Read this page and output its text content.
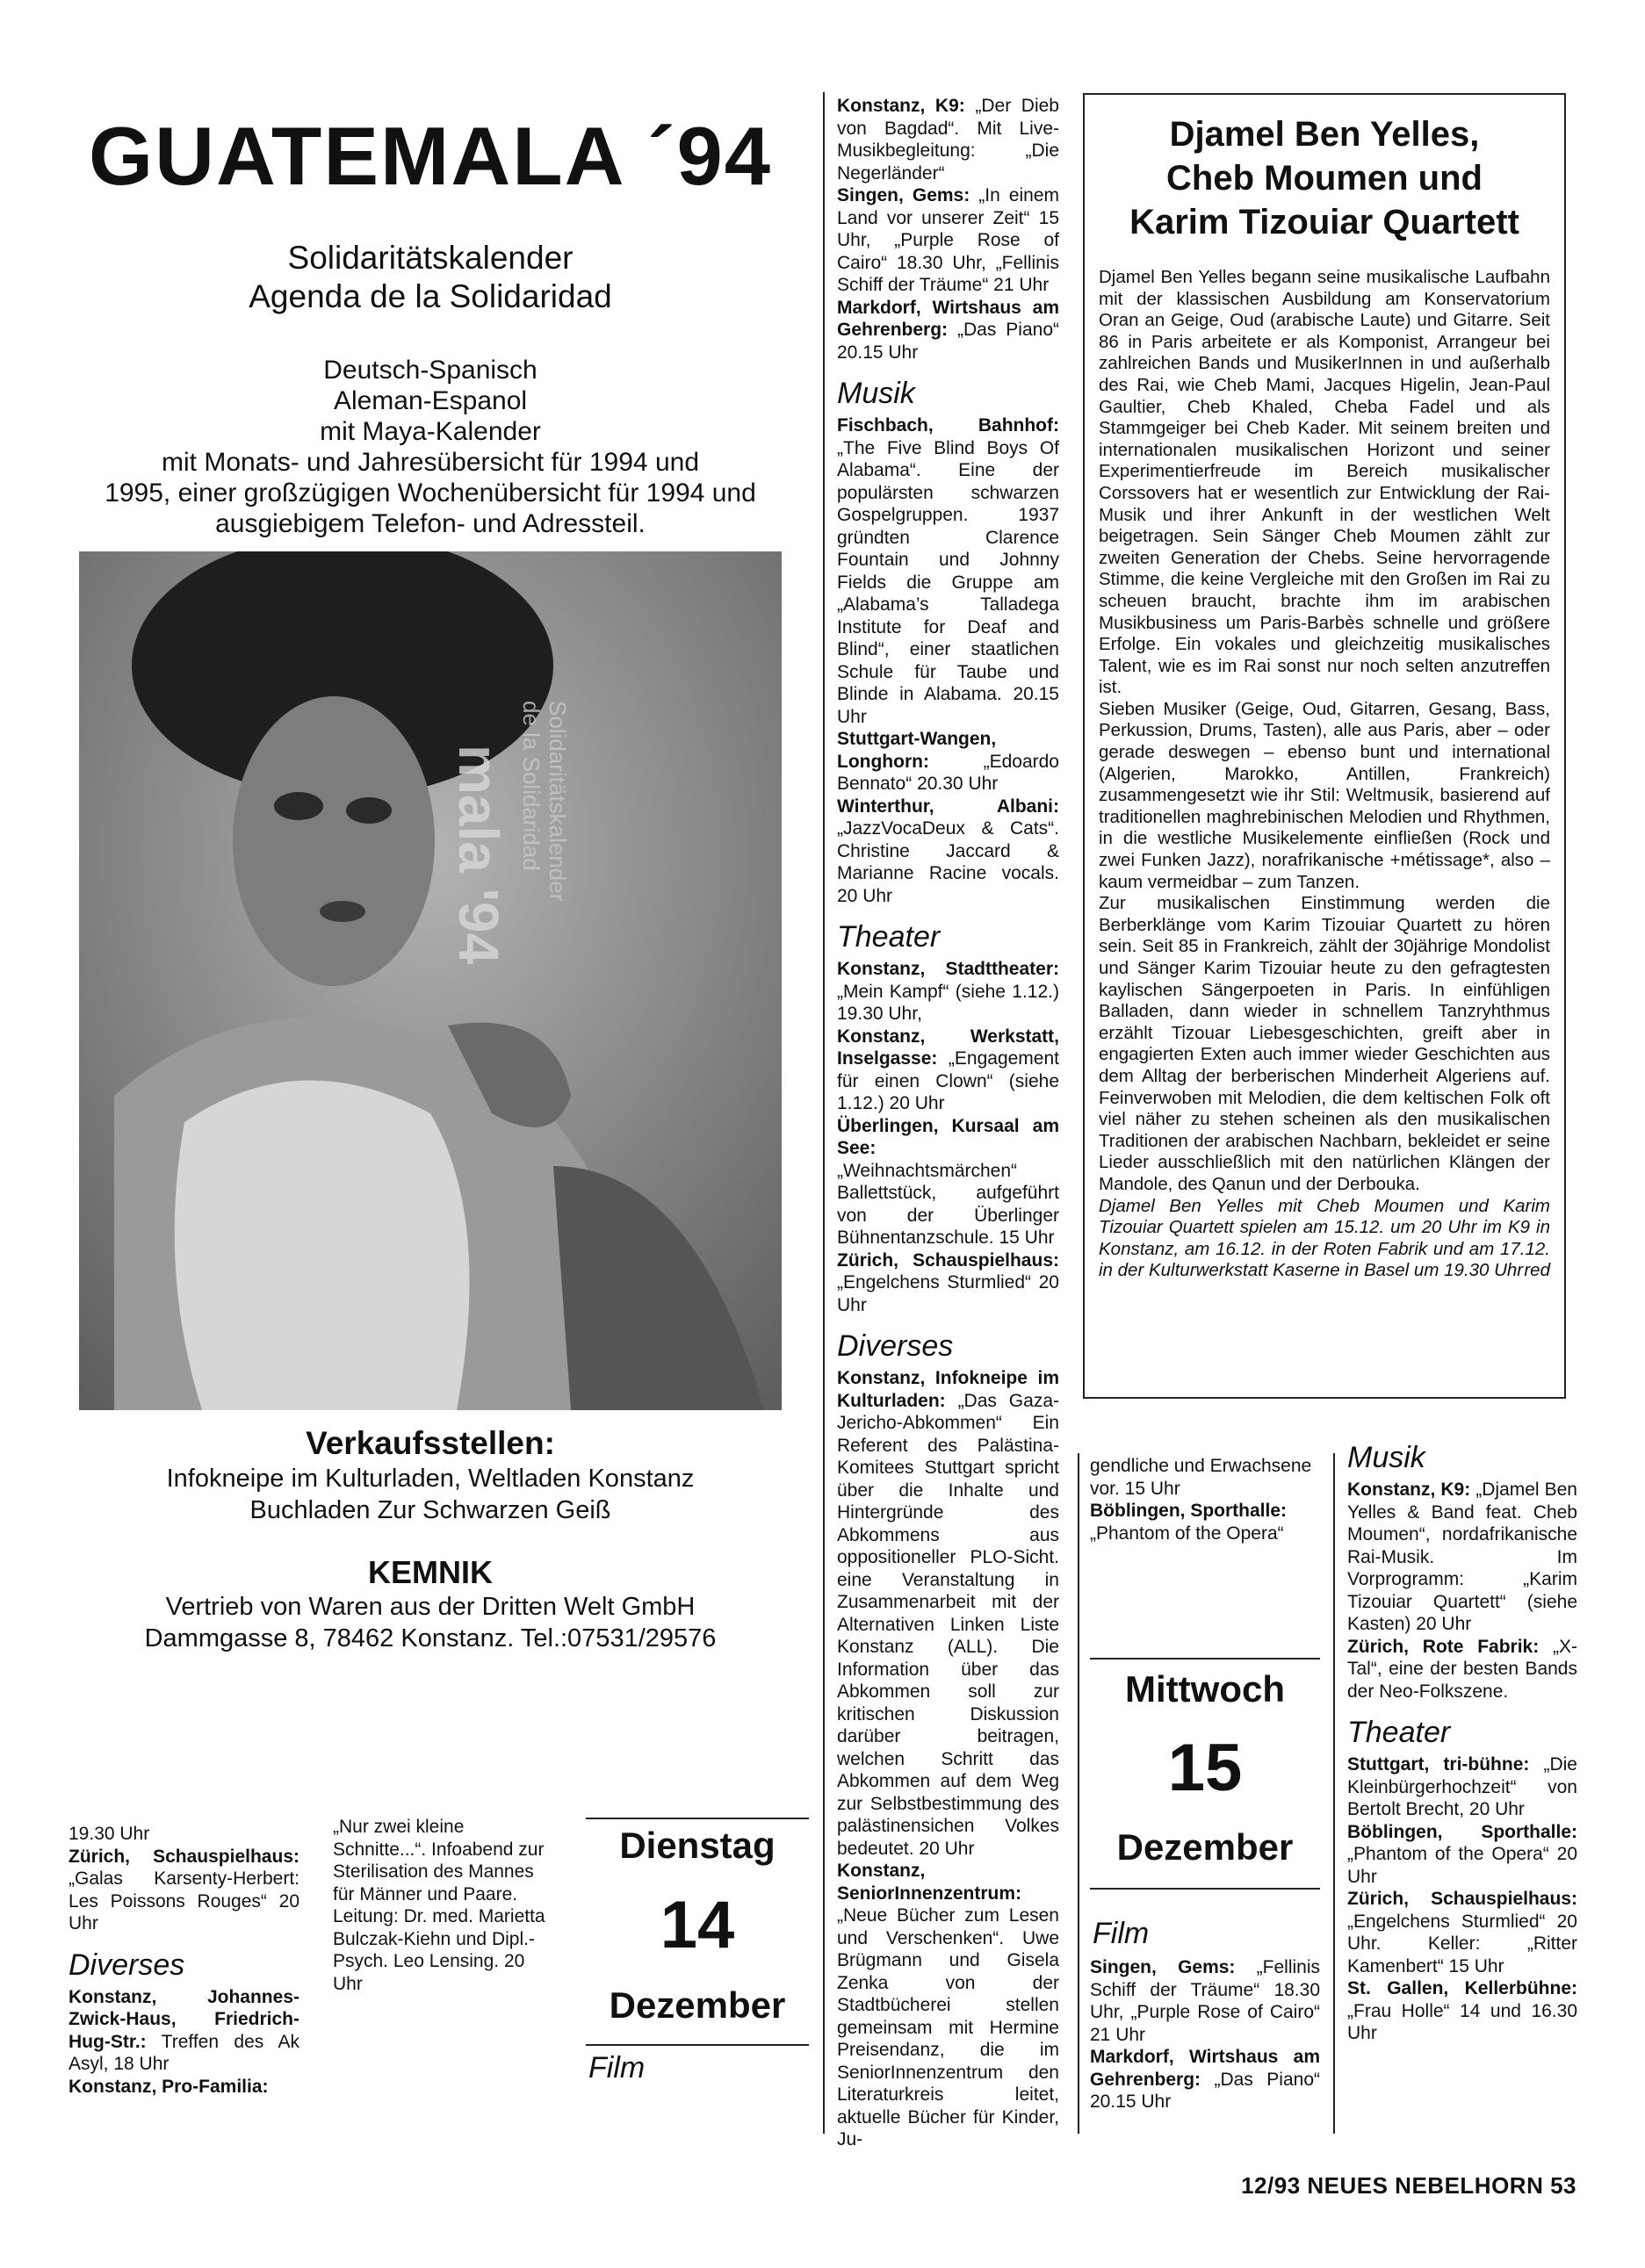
GUATEMALA ´94
Solidaritätskalender
Agenda de la Solidaridad
Deutsch-Spanisch
Aleman-Espanol
mit Maya-Kalender
mit Monats- und Jahresübersicht für 1994 und
1995, einer großzügigen Wochenübersicht für 1994 und
ausgiebigem Telefon- und Adressteil.
mala '94 Solidaritätskalender
de la Solidaridad
Verkaufsstellen:
Infokneipe im Kulturladen, Weltladen Konstanz
Buchladen Zur Schwarzen Geiß
KEMNIK
Vertrieb von Waren aus der Dritten Welt GmbH
Dammgasse 8, 78462 Konstanz. Tel.:07531/29576

Konstanz, K9: „Der Dieb von Bagdad“. Mit Live-Musikbegleitung: „Die Negerländer“

Singen, Gems: „In einem Land vor unserer Zeit“ 15 Uhr, „Purple Rose of Cairo“ 18.30 Uhr, „Fellinis Schiff der Träume“ 21 Uhr

Markdorf, Wirtshaus am Gehrenberg: „Das Piano“ 20.15 Uhr

Musik

Fischbach, Bahnhof: „The Five Blind Boys Of Alabama“. Eine der populärsten schwarzen Gospelgruppen. 1937 gründten Clarence Fountain und Johnny Fields die Gruppe am „Alabama’s Talladega Institute for Deaf and Blind“, einer staatlichen Schule für Taube und Blinde in Alabama. 20.15 Uhr

Stuttgart-Wangen, Longhorn: „Edoardo Bennato“ 20.30 Uhr

Winterthur, Albani: „JazzVocaDeux & Cats“. Christine Jaccard & Marianne Racine vocals. 20 Uhr

Theater

Konstanz, Stadttheater: „Mein Kampf“ (siehe 1.12.) 19.30 Uhr,

Konstanz, Werkstatt, Inselgasse: „Engagement für einen Clown“ (siehe 1.12.) 20 Uhr

Überlingen, Kursaal am See: „Weihnachtsmärchen“ Ballettstück, aufgeführt von der Überlinger Bühnentanzschule. 15 Uhr

Zürich, Schauspielhaus: „Engelchens Sturmlied“ 20 Uhr

Diverses

Konstanz, Infokneipe im Kulturladen: „Das Gaza-Jericho-Abkommen“ Ein Referent des Palästina-Komitees Stuttgart spricht über die Inhalte und Hintergründe des Abkommens aus oppositioneller PLO-Sicht. eine Veranstaltung in Zusammenarbeit mit der Alternativen Linken Liste Konstanz (ALL). Die Information über das Abkommen soll zur kritischen Diskussion darüber beitragen, welchen Schritt das Abkommen auf dem Weg zur Selbstbestimmung des palästinensichen Volkes bedeutet. 20 Uhr

Konstanz, SeniorInnenzentrum: „Neue Bücher zum Lesen und Verschenken“. Uwe Brügmann und Gisela Zenka von der Stadtbücherei stellen gemeinsam mit Hermine Preisendanz, die im SeniorInnenzentrum den Literaturkreis leitet, aktuelle Bücher für Kinder, Ju-

Djamel Ben Yelles,
Cheb Moumen und
Karim Tizouiar Quartett

Djamel Ben Yelles begann seine musikalische Laufbahn mit der klassischen Ausbildung am Konservatorium Oran an Geige, Oud (arabische Laute) und Gitarre. Seit 86 in Paris arbeitete er als Komponist, Arrangeur bei zahlreichen Bands und MusikerInnen in und außerhalb des Rai, wie Cheb Mami, Jacques Higelin, Jean-Paul Gaultier, Cheb Khaled, Cheba Fadel und als Stammgeiger bei Cheb Kader. Mit seinem breiten und internationalen musikalischen Horizont und seiner Experimentierfreude im Bereich musikalischer Corssovers hat er wesentlich zur Entwicklung der Rai-Musik und ihrer Ankunft in der westlichen Welt beigetragen. Sein Sänger Cheb Moumen zählt zur zweiten Generation der Chebs. Seine hervorragende Stimme, die keine Vergleiche mit den Großen im Rai zu scheuen braucht, brachte ihm im arabischen Musikbusiness um Paris-Barbès schnelle und größere Erfolge. Ein vokales und gleichzeitig musikalisches Talent, wie es im Rai sonst nur noch selten anzutreffen ist.

Sieben Musiker (Geige, Oud, Gitarren, Gesang, Bass, Perkussion, Drums, Tasten), alle aus Paris, aber – oder gerade deswegen – ebenso bunt und international (Algerien, Marokko, Antillen, Frankreich) zusammengesetzt wie ihr Stil: Weltmusik, basierend auf traditionellen maghrebinischen Melodien und Rhythmen, in die westliche Musikelemente einfließen (Rock und zwei Funken Jazz), norafrikanische +métissage*, also – kaum vermeidbar – zum Tanzen.

Zur musikalischen Einstimmung werden die Berberklänge vom Karim Tizouiar Quartett zu hören sein. Seit 85 in Frankreich, zählt der 30jährige Mondolist und Sänger Karim Tizouiar heute zu den gefragtesten kaylischen Sängerpoeten in Paris. In einfühligen Balladen, dann wieder in schnellem Tanzryhthmus erzählt Tizouar Liebesgeschichten, greift aber in engagierten Exten auch immer wieder Geschichten aus dem Alltag der berberischen Minderheit Algeriens auf. Feinverwoben mit Melodien, die dem keltischen Folk oft viel näher zu stehen scheinen als den musikalischen Traditionen der arabischen Nachbarn, bekleidet er seine Lieder ausschließlich mit den natürlichen Klängen der Mandole, des Qanun und der Derbouka.

Djamel Ben Yelles mit Cheb Moumen und Karim Tizouiar Quartett spielen am 15.12. um 20 Uhr im K9 in Konstanz, am 16.12. in der Roten Fabrik und am 17.12. in der Kulturwerkstatt Kaserne in Basel um 19.30 Uhr red

19.30 Uhr

Zürich, Schauspielhaus: „Galas Karsenty-Herbert: Les Poissons Rouges“ 20 Uhr

Diverses

Konstanz, Johannes-Zwick-Haus, Friedrich-Hug-Str.: Treffen des Ak Asyl, 18 Uhr

Konstanz, Pro-Familia:

„Nur zwei kleine Schnitte...“. Infoabend zur Sterilisation des Mannes für Männer und Paare. Leitung: Dr. med. Marietta Bulczak-Kiehn und Dipl.-Psych. Leo Lensing. 20 Uhr

Dienstag
14
Dezember
Film

gendliche und Erwachsene vor. 15 Uhr

Böblingen, Sporthalle: „Phantom of the Opera“

Mittwoch
15
Dezember
Film

Singen, Gems: „Fellinis Schiff der Träume“ 18.30 Uhr, „Purple Rose of Cairo“ 21 Uhr

Markdorf, Wirtshaus am Gehrenberg: „Das Piano“ 20.15 Uhr

Musik

Konstanz, K9: „Djamel Ben Yelles & Band feat. Cheb Moumen“, nordafrikanische Rai-Musik. Im Vorprogramm: „Karim Tizouiar Quartett“ (siehe Kasten) 20 Uhr

Zürich, Rote Fabrik: „X-Tal“, eine der besten Bands der Neo-Folkszene.

Theater

Stuttgart, tri-bühne: „Die Kleinbürgerhochzeit“ von Bertolt Brecht, 20 Uhr

Böblingen, Sporthalle: „Phantom of the Opera“ 20 Uhr

Zürich, Schauspielhaus: „Engelchens Sturmlied“ 20 Uhr. Keller: „Ritter Kamenbert“ 15 Uhr

St. Gallen, Kellerbühne: „Frau Holle“ 14 und 16.30 Uhr

12/93 NEUES NEBELHORN 53
